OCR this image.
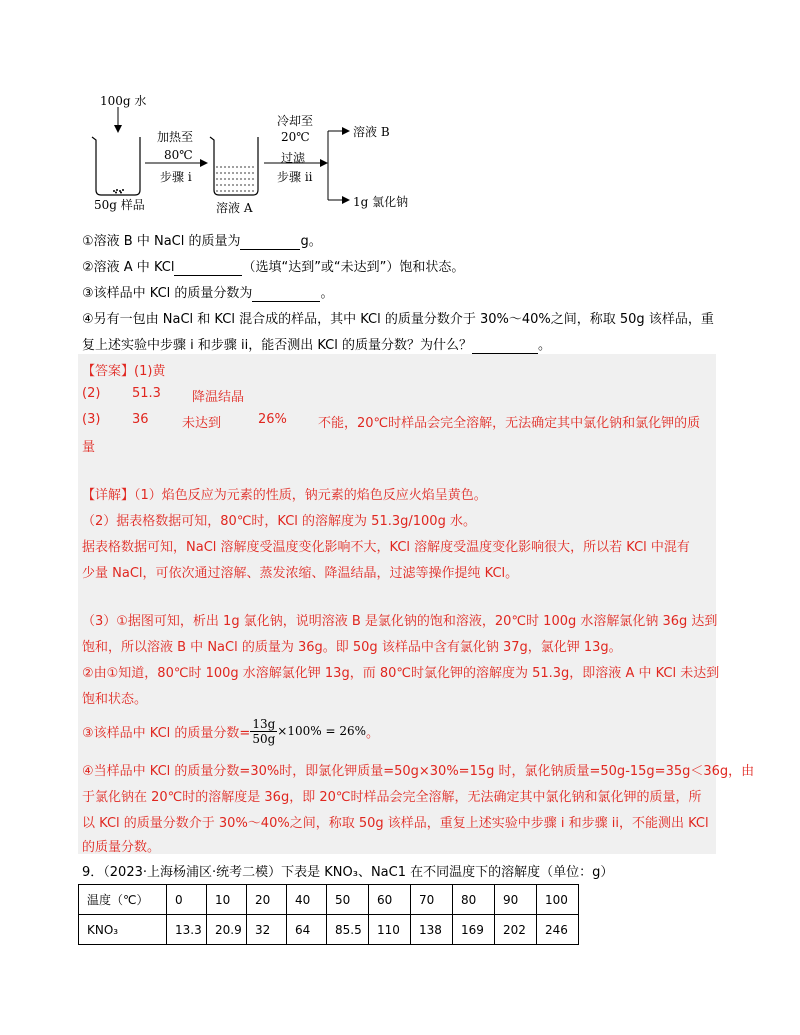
100g 水
加热至
80℃
步骤 i
50g 样品	溶液 A
冷却至
20℃
过滤
步骤 ii
溶液 B
1g 氯化钠
①溶液 B 中 NaCl 的质量为	g。
②溶液 A 中 KCl	（选填“达到”或“未达到”）饱和状态。
③该样品中 KCl 的质量分数为	。
④另有一包由 NaCl 和 KCl 混合成的样品，其中 KCl 的质量分数介于 30%～40%之间，称取 50g 该样品，重
复上述实验中步骤 i 和步骤 ii，能否测出 KCl 的质量分数？为什么？	。
【答案】(1)黄
(2) 51.3 降温结晶
(3) 36	未达到	26% 不能，20℃时样品会完全溶解，无法确定其中氯化钠和氯化钾的质
量
【详解】（1）焰色反应为元素的性质，钠元素的焰色反应火焰呈黄色。
（2）据表格数据可知，80℃时，KCl 的溶解度为 51.3g/100g 水。
据表格数据可知，NaCl 溶解度受温度变化影响不大，KCl 溶解度受温度变化影响很大，所以若 KCl 中混有
少量 NaCl，可依次通过溶解、蒸发浓缩、降温结晶，过滤等操作提纯 KCl。
（3）①据图可知，析出 1g 氯化钠，说明溶液 B 是氯化钠的饱和溶液，20℃时 100g 水溶解氯化钠 36g 达到
饱和，所以溶液 B 中 NaCl 的质量为 36g。即 50g 该样品中含有氯化钠 37g，氯化钾 13g。
②由①知道，80℃时 100g 水溶解氯化钾 13g，而 80℃时氯化钾的溶解度为 51.3g，即溶液 A 中 KCl 未达到
饱和状态。
③该样品中 KCl 的质量分数= $\frac{13g}{50g} \times 100\% = 26\%$ 。
④当样品中 KCl 的质量分数=30%时，即氯化钾质量=50g×30%=15g 时，氯化钠质量=50g-15g=35g＜36g，由
于氯化钠在 20℃时的溶解度是 36g，即 20℃时样品会完全溶解，无法确定其中氯化钠和氯化钾的质量，所
以 KCl 的质量分数介于 30%～40%之间，称取 50g 该样品，重复上述实验中步骤 i 和步骤 ii，不能测出 KCl
的质量分数。
9．（2023·上海杨浦区·统考二模）下表是 KNO₃、NaC1 在不同温度下的溶解度（单位：g）
温度（℃）	0	10	20	40	50	60	70	80	90	100
KNO₃	13.3	20.9	32	64	85.5	110	138	169	202	246
